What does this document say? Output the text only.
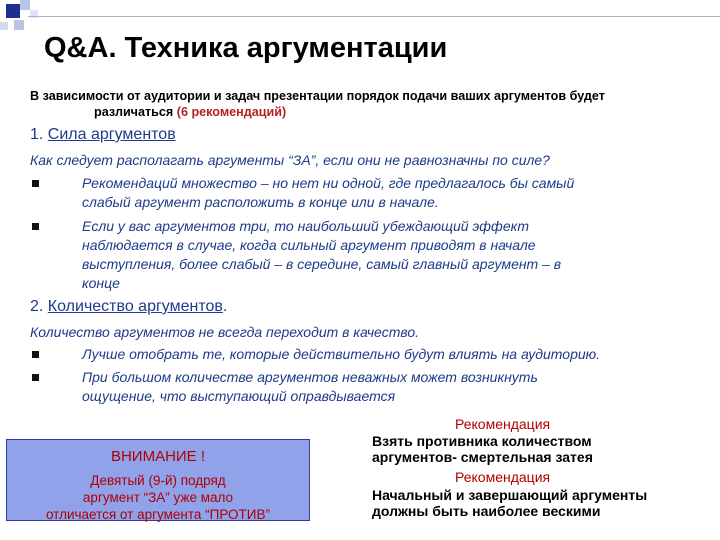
Q&A. Техника аргументации
В зависимости от аудитории и задач презентации порядок подачи ваших аргументов будет
различаться (6 рекомендаций)
1. Сила аргументов
Как следует располагать аргументы “ЗА”, если они не равнозначны по силе?
Рекомендаций множество – но нет ни одной, где предлагалось бы самый
слабый аргумент расположить в конце или в начале.
Если у вас аргументов три, то наибольший убеждающий эффект
наблюдается в случае, когда сильный аргумент приводят в начале
выступления, более слабый – в середине, самый главный аргумент – в
конце
2. Количество аргументов.
Количество аргументов не всегда переходит в качество.
Лучше отобрать те, которые действительно будут влиять на аудиторию.
При большом количестве аргументов неважных может возникнуть
ощущение, что выступающий оправдывается
ВНИМАНИЕ !
Девятый (9-й) подряд
аргумент “ЗА” уже мало
отличается от аргумента “ПРОТИВ”
Рекомендация
Взять противника количеством
аргументов- смертельная затея
Рекомендация
Начальный и завершающий аргументы
должны быть наиболее вескими
